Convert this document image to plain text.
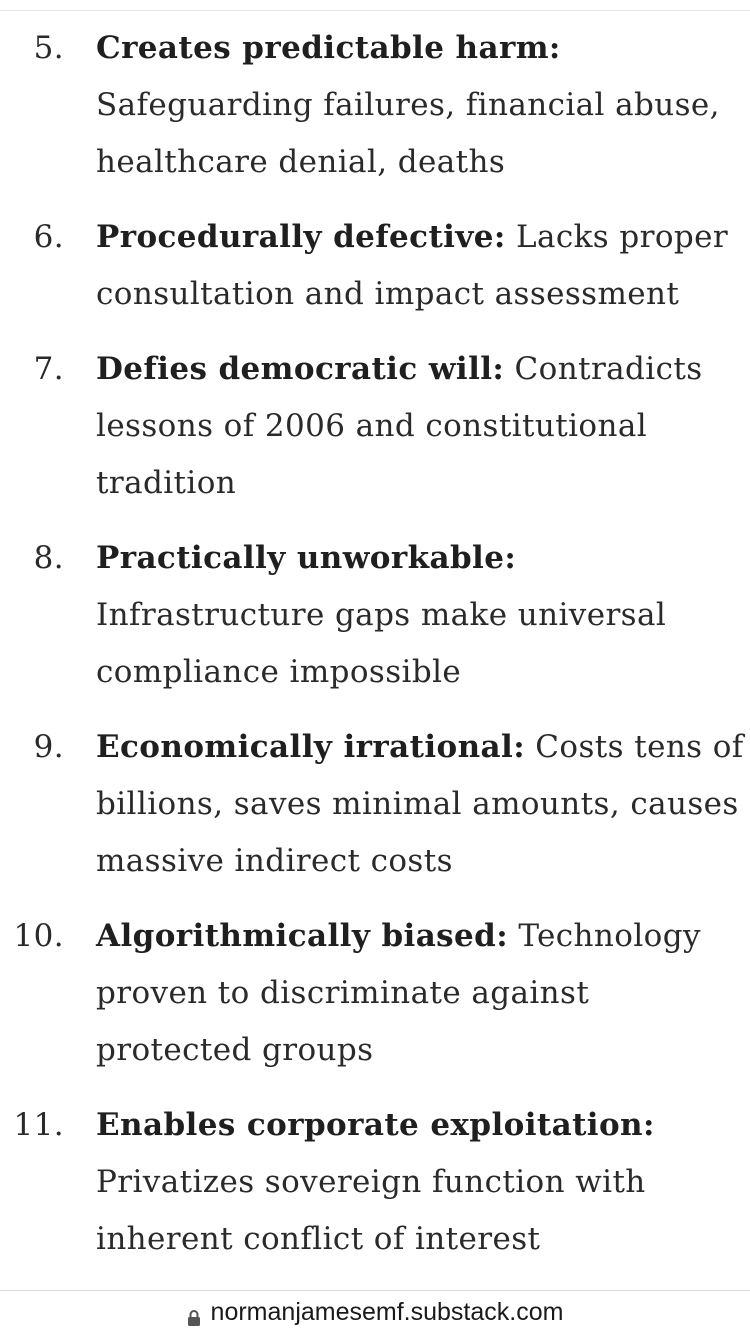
5. Creates predictable harm: Safeguarding failures, financial abuse, healthcare denial, deaths
6. Procedurally defective: Lacks proper consultation and impact assessment
7. Defies democratic will: Contradicts lessons of 2006 and constitutional tradition
8. Practically unworkable: Infrastructure gaps make universal compliance impossible
9. Economically irrational: Costs tens of billions, saves minimal amounts, causes massive indirect costs
10. Algorithmically biased: Technology proven to discriminate against protected groups
11. Enables corporate exploitation: Privatizes sovereign function with inherent conflict of interest
normanjamesemf.substack.com
